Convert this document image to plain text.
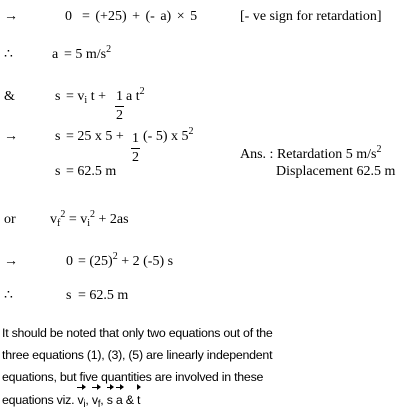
→	0 = (+25) + (- a) × 5	[- ve sign for retardation]
∴	a = 5 $m/s^2$
&	$s = v_i$ $t + \frac{1}{2}$ a $t^2$
→	s = 25 x $5 + \frac{1}{2}$ (- 5) x $5^2$
Ans. : Retardation 5 $m/s^2$
s = 62.5 m	Displacement 62.5 m
or $v_f^2 = v_i^2 + 2as$
→	$0 = (25)^2 + 2$ (-5) s
∴	s = 62.5 m

It should be noted that only two equations out of the

three equations (1), (3), (5) are linearly independent

equations, but five quantities are involved in these

equations viz. $v_i$, $v_f$, s a & t
